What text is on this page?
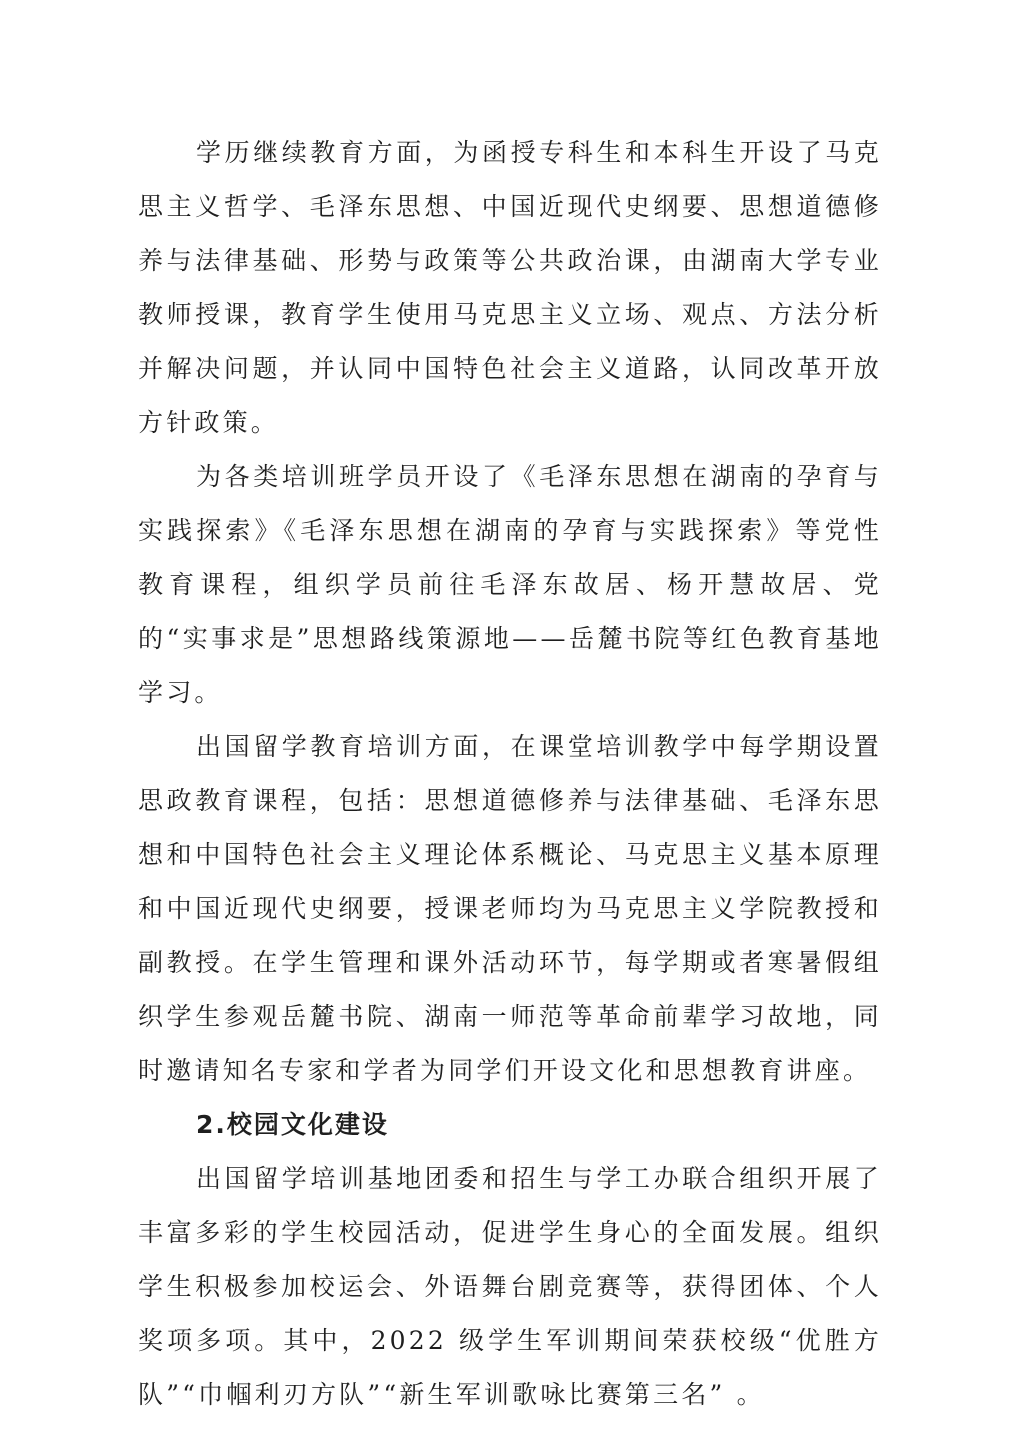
学历继续教育方面，为函授专科生和本科生开设了马克思主义哲学、毛泽东思想、中国近现代史纲要、思想道德修养与法律基础、形势与政策等公共政治课，由湖南大学专业教师授课，教育学生使用马克思主义立场、观点、方法分析并解决问题，并认同中国特色社会主义道路，认同改革开放方针政策。

为各类培训班学员开设了《毛泽东思想在湖南的孕育与实践探索》《毛泽东思想在湖南的孕育与实践探索》等党性教育课程，组织学员前往毛泽东故居、杨开慧故居、党的“实事求是”思想路线策源地——岳麓书院等红色教育基地学习。

出国留学教育培训方面，在课堂培训教学中每学期设置思政教育课程，包括：思想道德修养与法律基础、毛泽东思想和中国特色社会主义理论体系概论、马克思主义基本原理和中国近现代史纲要，授课老师均为马克思主义学院教授和副教授。在学生管理和课外活动环节，每学期或者寒暑假组织学生参观岳麓书院、湖南一师范等革命前辈学习故地，同时邀请知名专家和学者为同学们开设文化和思想教育讲座。

2.校园文化建设

出国留学培训基地团委和招生与学工办联合组织开展了丰富多彩的学生校园活动，促进学生身心的全面发展。组织学生积极参加校运会、外语舞台剧竞赛等，获得团体、个人奖项多项。其中，2022 级学生军训期间荣获校级“优胜方队”“巾帼利刃方队”“新生军训歌咏比赛第三名” 。
